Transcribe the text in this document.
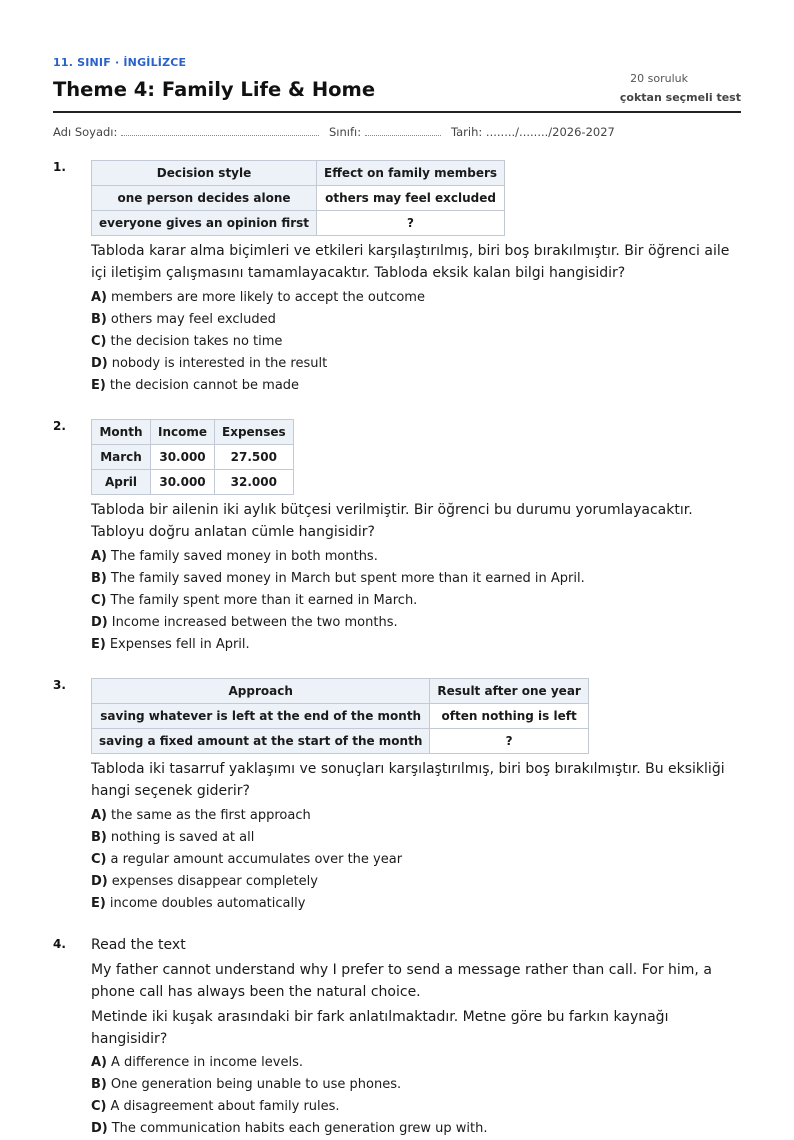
11. SINIF · İNGİLİZCE
Theme 4: Family Life & Home	20 soruluk
çoktan seçmeli test
Adı Soyadı:	Sınıfı:	Tarih: ......../......../2026-2027
1.	Decision style	Effect on family members
one person decides alone	others may feel excluded
everyone gives an opinion first	?
Tabloda karar alma biçimleri ve etkileri karşılaştırılmış, biri boş bırakılmıştır. Bir öğrenci aile içi iletişim çalışmasını tamamlayacaktır. Tabloda eksik kalan bilgi hangisidir?
A) members are more likely to accept the outcome
B) others may feel excluded
C) the decision takes no time
D) nobody is interested in the result
E) the decision cannot be made
2.	Month	Income	Expenses
March	30.000	27.500
April	30.000	32.000
Tabloda bir ailenin iki aylık bütçesi verilmiştir. Bir öğrenci bu durumu yorumlayacaktır. Tabloyu doğru anlatan cümle hangisidir?
A) The family saved money in both months.
B) The family saved money in March but spent more than it earned in April.
C) The family spent more than it earned in March.
D) Income increased between the two months.
E) Expenses fell in April.
3.	Approach	Result after one year
saving whatever is left at the end of the month	often nothing is left
saving a fixed amount at the start of the month	?
Tabloda iki tasarruf yaklaşımı ve sonuçları karşılaştırılmış, biri boş bırakılmıştır. Bu eksikliği hangi seçenek giderir?
A) the same as the first approach
B) nothing is saved at all
C) a regular amount accumulates over the year
D) expenses disappear completely
E) income doubles automatically
4. Read the text
My father cannot understand why I prefer to send a message rather than call. For him, a phone call has always been the natural choice.
Metinde iki kuşak arasındaki bir fark anlatılmaktadır. Metne göre bu farkın kaynağı hangisidir?
A) A difference in income levels.
B) One generation being unable to use phones.
C) A disagreement about family rules.
D) The communication habits each generation grew up with.
